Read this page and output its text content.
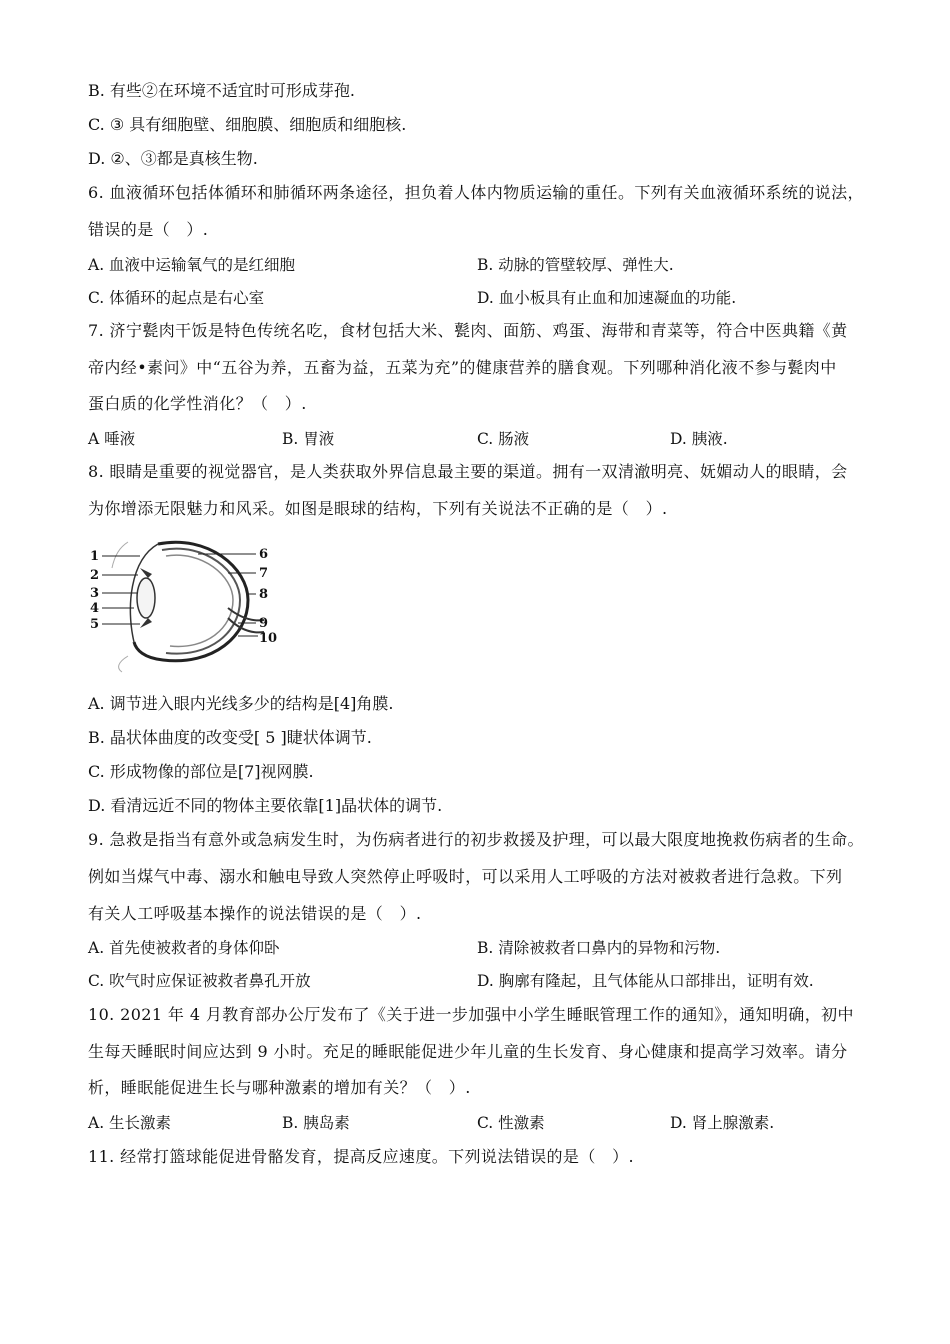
B. 有些②在环境不适宜时可形成芽孢.
C. ③ 具有细胞壁、细胞膜、细胞质和细胞核.
D. ②、③都是真核生物.
6. 血液循环包括体循环和肺循环两条途径，担负着人体内物质运输的重任。下列有关血液循环系统的说法，
错误的是（　）.
A. 血液中运输氧气的是红细胞	B. 动脉的管壁较厚、弹性大.
C. 体循环的起点是右心室	D. 血小板具有止血和加速凝血的功能.
7. 济宁甏肉干饭是特色传统名吃，食材包括大米、甏肉、面筋、鸡蛋、海带和青菜等，符合中医典籍《黄
帝内经•素问》中“五谷为养，五畜为益，五菜为充”的健康营养的膳食观。下列哪种消化液不参与甏肉中
蛋白质的化学性消化？（　）.
A 唾液	B. 胃液	C. 肠液	D. 胰液.
8. 眼睛是重要的视觉器官，是人类获取外界信息最主要的渠道。拥有一双清澈明亮、妩媚动人的眼睛，会
为你增添无限魅力和风采。如图是眼球的结构，下列有关说法不正确的是（　）.
1
2
3
4
5
6
7
8
9
10
A. 调节进入眼内光线多少的结构是[4]角膜.
B. 晶状体曲度的改变受[ 5 ]睫状体调节.
C. 形成物像的部位是[7]视网膜.
D. 看清远近不同的物体主要依靠[1]晶状体的调节.
9. 急救是指当有意外或急病发生时，为伤病者进行的初步救援及护理，可以最大限度地挽救伤病者的生命。
例如当煤气中毒、溺水和触电导致人突然停止呼吸时，可以采用人工呼吸的方法对被救者进行急救。下列
有关人工呼吸基本操作的说法错误的是（　）.
A. 首先使被救者的身体仰卧	B. 清除被救者口鼻内的异物和污物.
C. 吹气时应保证被救者鼻孔开放	D. 胸廓有隆起，且气体能从口部排出，证明有效.
10. 2021 年 4 月教育部办公厅发布了《关于进一步加强中小学生睡眠管理工作的通知》，通知明确，初中
生每天睡眠时间应达到 9 小时。充足的睡眠能促进少年儿童的生长发育、身心健康和提高学习效率。请分
析，睡眠能促进生长与哪种激素的增加有关？（　）.
A. 生长激素	B. 胰岛素	C. 性激素	D. 肾上腺激素.
11. 经常打篮球能促进骨骼发育，提高反应速度。下列说法错误的是（　）.
